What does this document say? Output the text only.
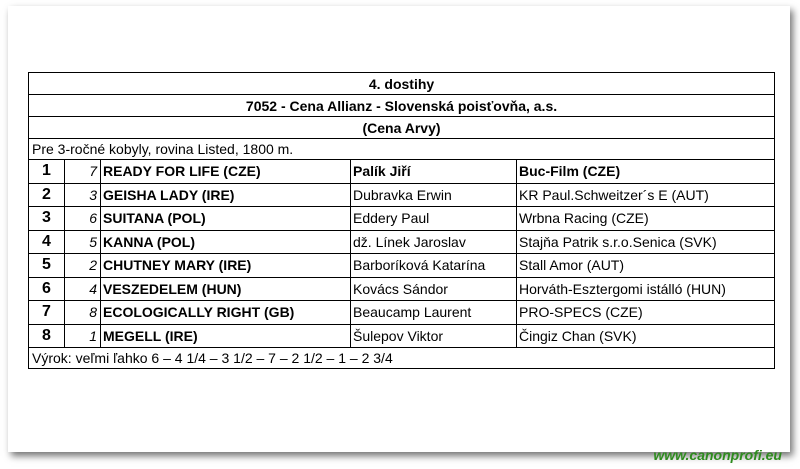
4. dostihy				
7052 - Cena Allianz - Slovenská poisťovňa, a.s.				
(Cena Arvy)				
Pre 3-ročné kobyly, rovina Listed, 1800 m.				
1	7	READY FOR LIFE (CZE)	Palík Jiří	Buc-Film (CZE)
2	3	GEISHA LADY (IRE)	Dubravka Erwin	KR Paul.Schweitzer´s E (AUT)
3	6	SUITANA (POL)	Eddery Paul	Wrbna Racing (CZE)
4	5	KANNA (POL)	dž. Línek Jaroslav	Stajňa Patrik s.r.o.Senica (SVK)
5	2	CHUTNEY MARY (IRE)	Barboríková Katarína	Stall Amor (AUT)
6	4	VESZEDELEM (HUN)	Kovács Sándor	Horváth-Esztergomi istálló (HUN)
7	8	ECOLOGICALLY RIGHT (GB)	Beaucamp Laurent	PRO-SPECS (CZE)
8	1	MEGELL (IRE)	Šulepov Viktor	Čingiz Chan (SVK)
Výrok: veľmi ľahko 6 – 4 1/4 – 3 1/2 – 7 – 2 1/2 – 1 – 2 3/4				
www.canonprofi.eu
